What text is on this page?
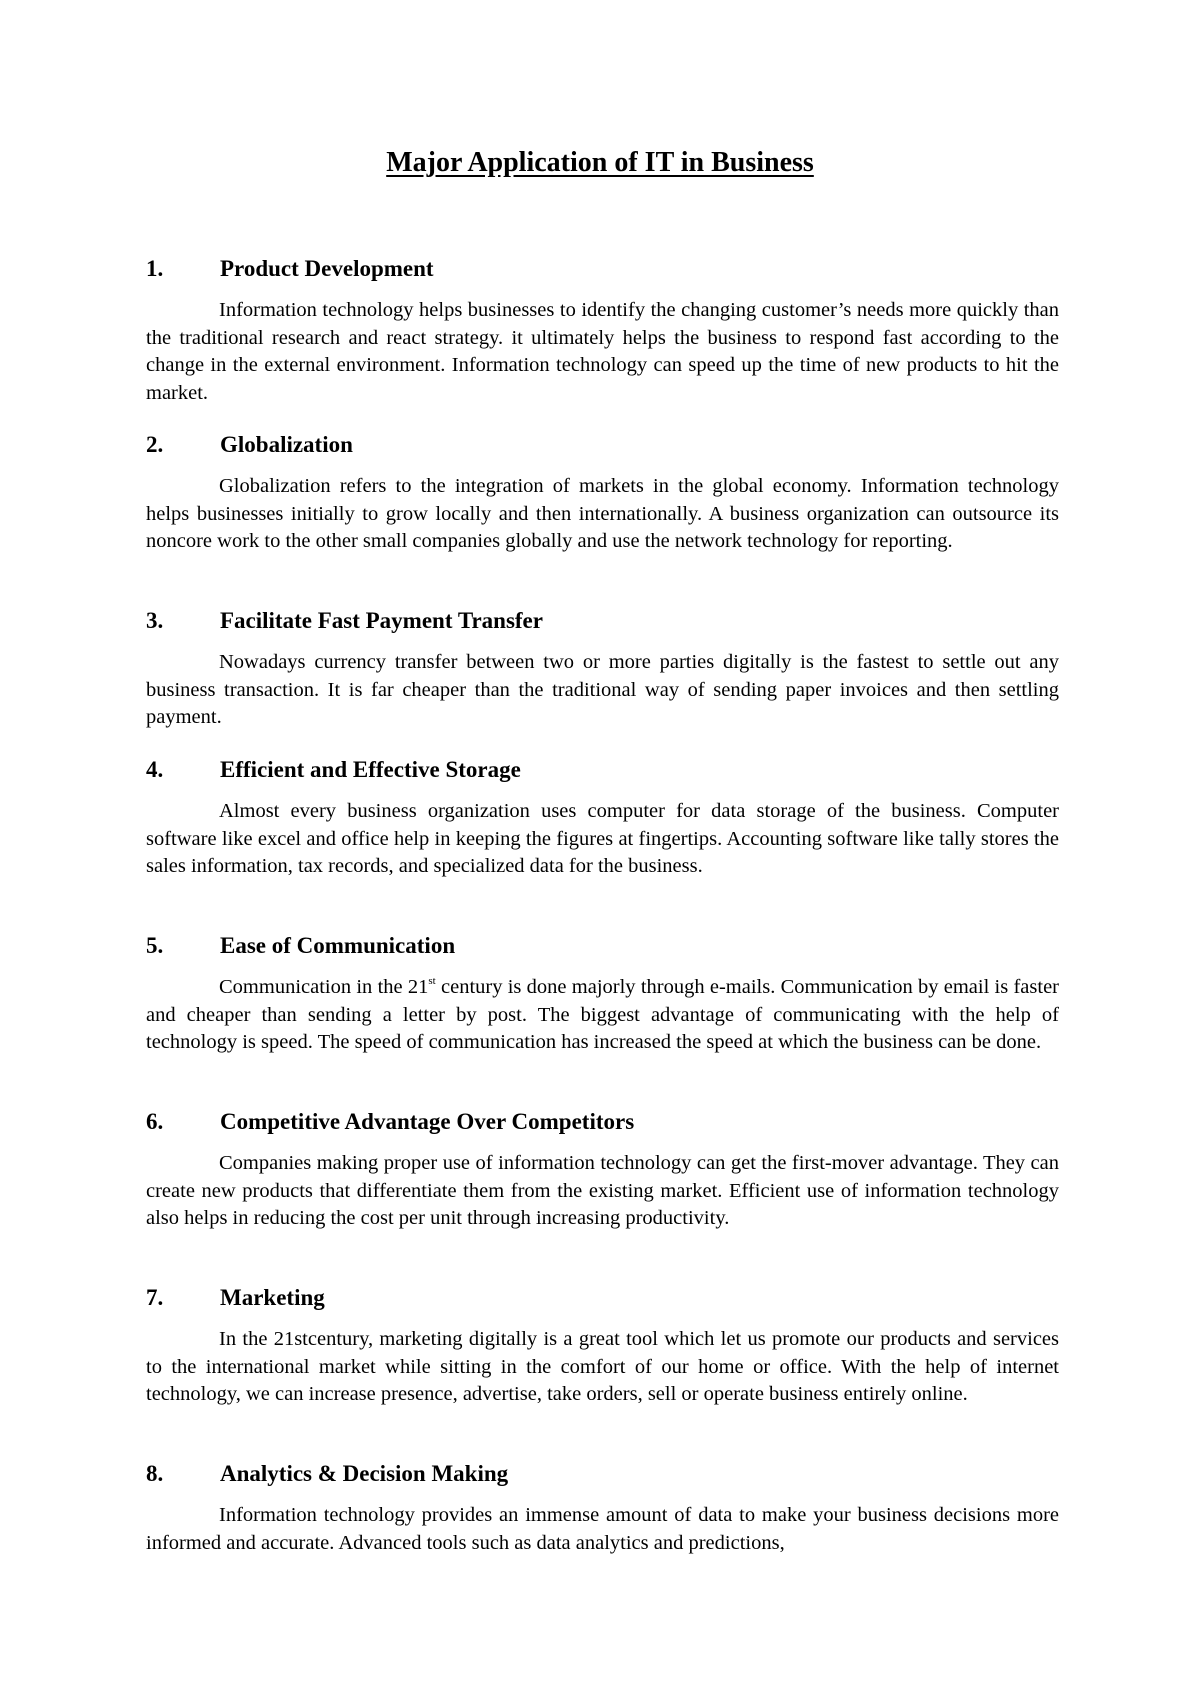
Major Application of IT in Business
1.	Product Development
Information technology helps businesses to identify the changing customer’s needs more quickly than the traditional research and react strategy. it ultimately helps the business to respond fast according to the change in the external environment. Information technology can speed up the time of new products to hit the market.
2.	Globalization
Globalization refers to the integration of markets in the global economy. Information technology helps businesses initially to grow locally and then internationally. A business organization can outsource its noncore work to the other small companies globally and use the network technology for reporting.
3.	Facilitate Fast Payment Transfer
Nowadays currency transfer between two or more parties digitally is the fastest to settle out any business transaction. It is far cheaper than the traditional way of sending paper invoices and then settling payment.
4.	Efficient and Effective Storage
Almost every business organization uses computer for data storage of the business. Computer software like excel and office help in keeping the figures at fingertips. Accounting software like tally stores the sales information, tax records, and specialized data for the business.
5.	Ease of Communication
Communication in the 21st century is done majorly through e-mails. Communication by email is faster and cheaper than sending a letter by post. The biggest advantage of communicating with the help of technology is speed. The speed of communication has increased the speed at which the business can be done.
6.	Competitive Advantage Over Competitors
Companies making proper use of information technology can get the first-mover advantage. They can create new products that differentiate them from the existing market. Efficient use of information technology also helps in reducing the cost per unit through increasing productivity.
7.	Marketing
In the 21stcentury, marketing digitally is a great tool which let us promote our products and services to the international market while sitting in the comfort of our home or office. With the help of internet technology, we can increase presence, advertise, take orders, sell or operate business entirely online.
8.	Analytics & Decision Making
Information technology provides an immense amount of data to make your business decisions more informed and accurate. Advanced tools such as data analytics and predictions,
